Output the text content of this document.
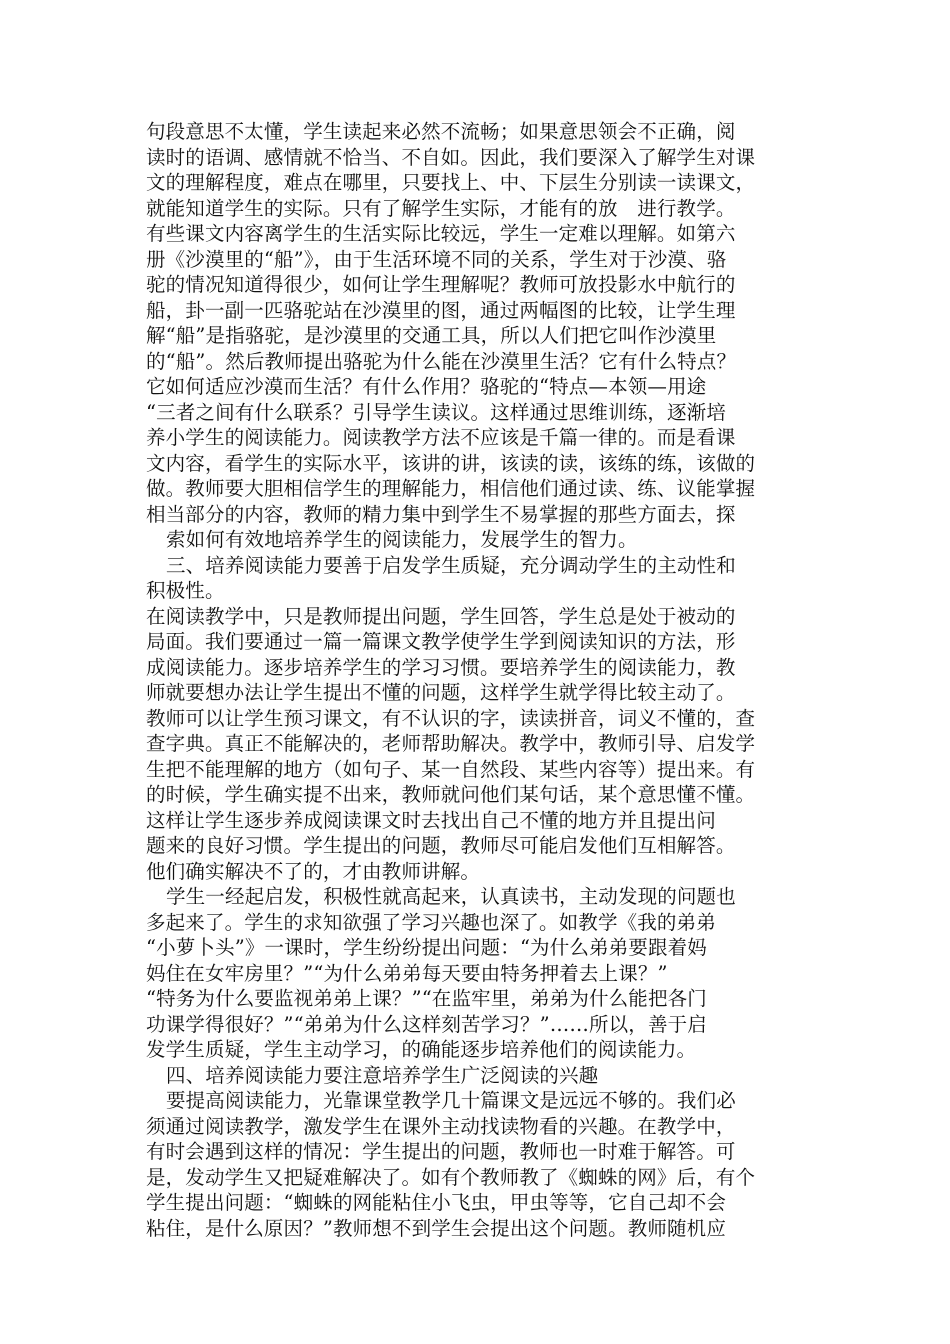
句段意思不太懂，学生读起来必然不流畅；如果意思领会不正确，阅
读时的语调、感情就不恰当、不自如。因此，我们要深入了解学生对课
文的理解程度，难点在哪里，只要找上、中、下层生分别读一读课文，
就能知道学生的实际。只有了解学生实际，才能有的放　进行教学。
有些课文内容离学生的生活实际比较远，学生一定难以理解。如第六
册《沙漠里的“船”》，由于生活环境不同的关系，学生对于沙漠、骆
驼的情况知道得很少，如何让学生理解呢？教师可放投影水中航行的
船，卦一副一匹骆驼站在沙漠里的图，通过两幅图的比较，让学生理
解“船”是指骆驼，是沙漠里的交通工具，所以人们把它叫作沙漠里
的“船”。然后教师提出骆驼为什么能在沙漠里生活？它有什么特点？
它如何适应沙漠而生活？有什么作用？骆驼的“特点—本领—用途
“三者之间有什么联系？引导学生读议。这样通过思维训练，逐渐培
养小学生的阅读能力。阅读教学方法不应该是千篇一律的。而是看课
文内容，看学生的实际水平，该讲的讲，该读的读，该练的练，该做的
做。教师要大胆相信学生的理解能力，相信他们通过读、练、议能掌握
相当部分的内容，教师的精力集中到学生不易掌握的那些方面去，探
索如何有效地培养学生的阅读能力，发展学生的智力。
三、培养阅读能力要善于启发学生质疑，充分调动学生的主动性和
积极性。
在阅读教学中，只是教师提出问题，学生回答，学生总是处于被动的
局面。我们要通过一篇一篇课文教学使学生学到阅读知识的方法，形
成阅读能力。逐步培养学生的学习习惯。要培养学生的阅读能力，教
师就要想办法让学生提出不懂的问题，这样学生就学得比较主动了。
教师可以让学生预习课文，有不认识的字，读读拼音，词义不懂的，查
查字典。真正不能解决的，老师帮助解决。教学中，教师引导、启发学
生把不能理解的地方（如句子、某一自然段、某些内容等）提出来。有
的时候，学生确实提不出来，教师就问他们某句话，某个意思懂不懂。
这样让学生逐步养成阅读课文时去找出自己不懂的地方并且提出问
题来的良好习惯。学生提出的问题，教师尽可能启发他们互相解答。
他们确实解决不了的，才由教师讲解。
学生一经起启发，积极性就高起来，认真读书，主动发现的问题也
多起来了。学生的求知欲强了学习兴趣也深了。如教学《我的弟弟
“小萝卜头”》一课时，学生纷纷提出问题：“为什么弟弟要跟着妈
妈住在女牢房里？”“为什么弟弟每天要由特务押着去上课？”
“特务为什么要监视弟弟上课？”“在监牢里，弟弟为什么能把各门
功课学得很好？”“弟弟为什么这样刻苦学习？”……所以，善于启
发学生质疑，学生主动学习，的确能逐步培养他们的阅读能力。
四、培养阅读能力要注意培养学生广泛阅读的兴趣
要提高阅读能力，光靠课堂教学几十篇课文是远远不够的。我们必
须通过阅读教学，激发学生在课外主动找读物看的兴趣。在教学中，
有时会遇到这样的情况：学生提出的问题，教师也一时难于解答。可
是，发动学生又把疑难解决了。如有个教师教了《蜘蛛的网》后，有个
学生提出问题：“蜘蛛的网能粘住小飞虫，甲虫等等，它自己却不会
粘住，是什么原因？”教师想不到学生会提出这个问题。教师随机应
